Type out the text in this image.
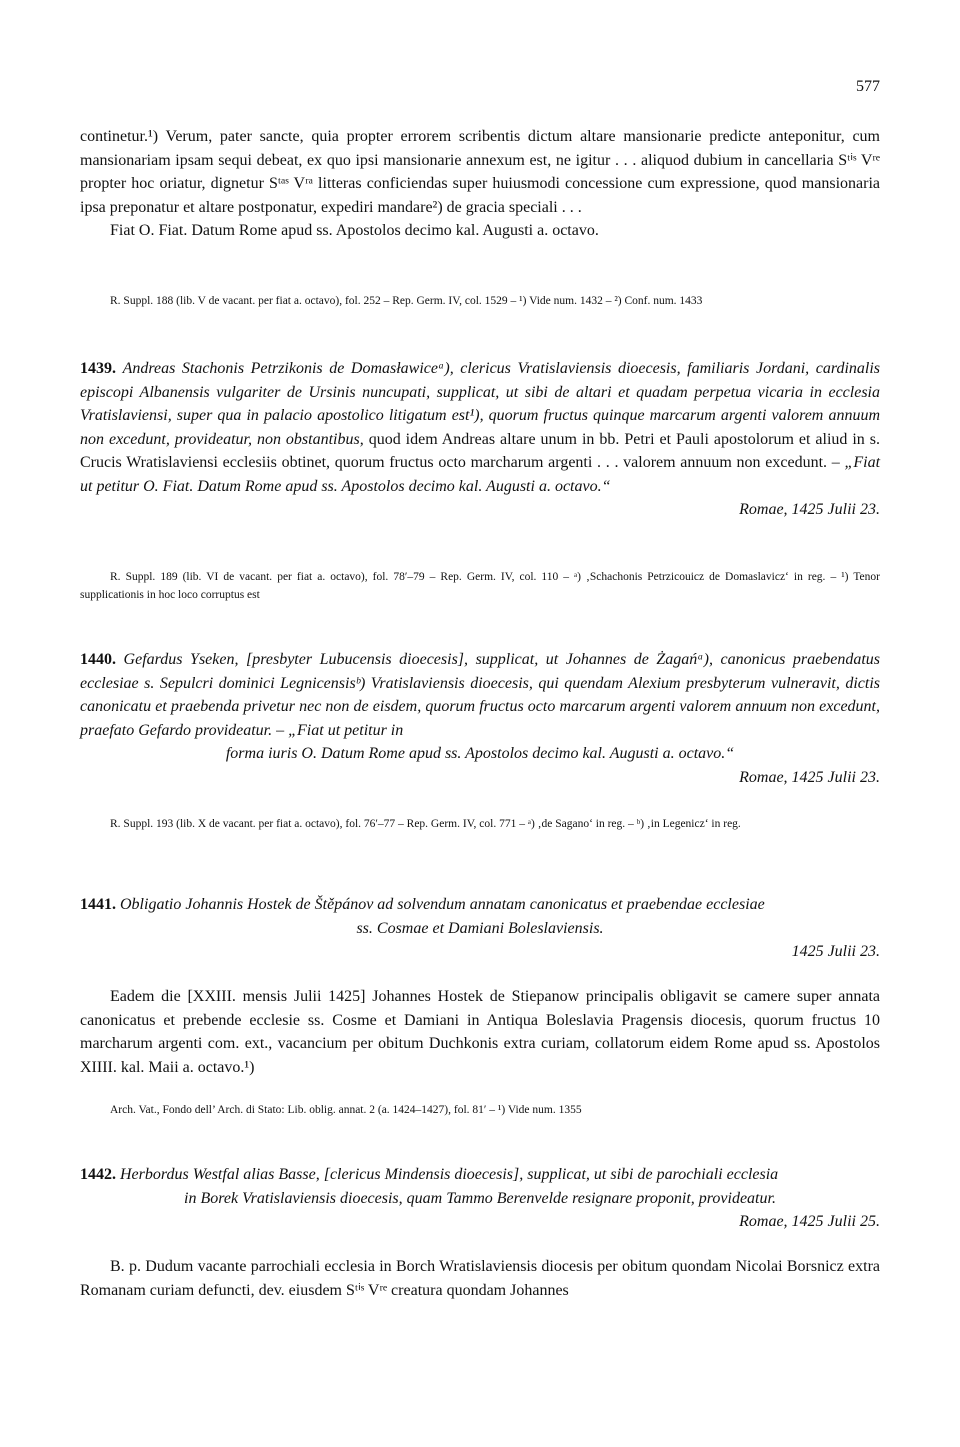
577

continetur.¹) Verum, pater sancte, quia propter errorem scribentis dictum altare mansionarie predicte anteponitur, cum mansionariam ipsam sequi debeat, ex quo ipsi mansionarie annexum est, ne igitur . . . aliquod dubium in cancellaria Sᵗⁱˢ Vʳᵉ propter hoc oriatur, dignetur Sᵗᵃˢ Vʳᵃ litteras conficiendas super huiusmodi concessione cum expressione, quod mansionaria ipsa preponatur et altare postponatur, expediri mandare²) de gracia speciali . . .

Fiat O. Fiat. Datum Rome apud ss. Apostolos decimo kal. Augusti a. octavo.

R. Suppl. 188 (lib. V de vacant. per fiat a. octavo), fol. 252 – Rep. Germ. IV, col. 1529 – ¹) Vide num. 1432 – ²) Conf. num. 1433

1439. Andreas Stachonis Petrzikonis de Domasławiceᵃ), clericus Vratislaviensis dioecesis, familiaris Jordani, cardinalis episcopi Albanensis vulgariter de Ursinis nuncupati, supplicat, ut sibi de altari et quadam perpetua vicaria in ecclesia Vratislaviensi, super qua in palacio apostolico litigatum est¹), quorum fructus quinque marcarum argenti valorem annuum non excedunt, provideatur, non obstantibus, quod idem Andreas altare unum in bb. Petri et Pauli apostolorum et aliud in s. Crucis Wratislaviensi ecclesiis obtinet, quorum fructus octo marcharum argenti . . . valorem annuum non excedunt. – „Fiat ut petitur O. Fiat. Datum Rome apud ss. Apostolos decimo kal. Augusti a. octavo.“

Romae, 1425 Julii 23.

R. Suppl. 189 (lib. VI de vacant. per fiat a. octavo), fol. 78′–79 – Rep. Germ. IV, col. 110 – ᵃ) ‚Schachonis Petrzicouicz de Domaslavicz‘ in reg. – ¹) Tenor supplicationis in hoc loco corruptus est

1440. Gefardus Yseken, [presbyter Lubucensis dioecesis], supplicat, ut Johannes de Żagańᵃ), canonicus praebendatus ecclesiae s. Sepulcri dominici Legnicensisᵇ) Vratislaviensis dioecesis, qui quendam Alexium presbyterum vulneravit, dictis canonicatu et praebenda privetur nec non de eisdem, quorum fructus octo marcarum argenti valorem annuum non excedunt, praefato Gefardo provideatur. – „Fiat ut petitur in

forma iuris O. Datum Rome apud ss. Apostolos decimo kal. Augusti a. octavo.“

Romae, 1425 Julii 23.

R. Suppl. 193 (lib. X de vacant. per fiat a. octavo), fol. 76′–77 – Rep. Germ. IV, col. 771 – ᵃ) ‚de Sagano‘ in reg. – ᵇ) ‚in Legenicz‘ in reg.

1441. Obligatio Johannis Hostek de Štěpánov ad solvendum annatam canonicatus et praebendae ecclesiae

ss. Cosmae et Damiani Boleslaviensis.

1425 Julii 23.

Eadem die [XXIII. mensis Julii 1425] Johannes Hostek de Stiepanow principalis obligavit se camere super annata canonicatus et prebende ecclesie ss. Cosme et Damiani in Antiqua Boleslavia Pragensis diocesis, quorum fructus 10 marcharum argenti com. ext., vacancium per obitum Duchkonis extra curiam, collatorum eidem Rome apud ss. Apostolos XIIII. kal. Maii a. octavo.¹)

Arch. Vat., Fondo dell’ Arch. di Stato: Lib. oblig. annat. 2 (a. 1424–1427), fol. 81′ – ¹) Vide num. 1355

1442. Herbordus Westfal alias Basse, [clericus Mindensis dioecesis], supplicat, ut sibi de parochiali ecclesia

in Borek Vratislaviensis dioecesis, quam Tammo Berenvelde resignare proponit, provideatur.

Romae, 1425 Julii 25.

B. p. Dudum vacante parrochiali ecclesia in Borch Wratislaviensis diocesis per obitum quondam Nicolai Borsnicz extra Romanam curiam defuncti, dev. eiusdem Sᵗⁱˢ Vʳᵉ creatura quondam Johannes
